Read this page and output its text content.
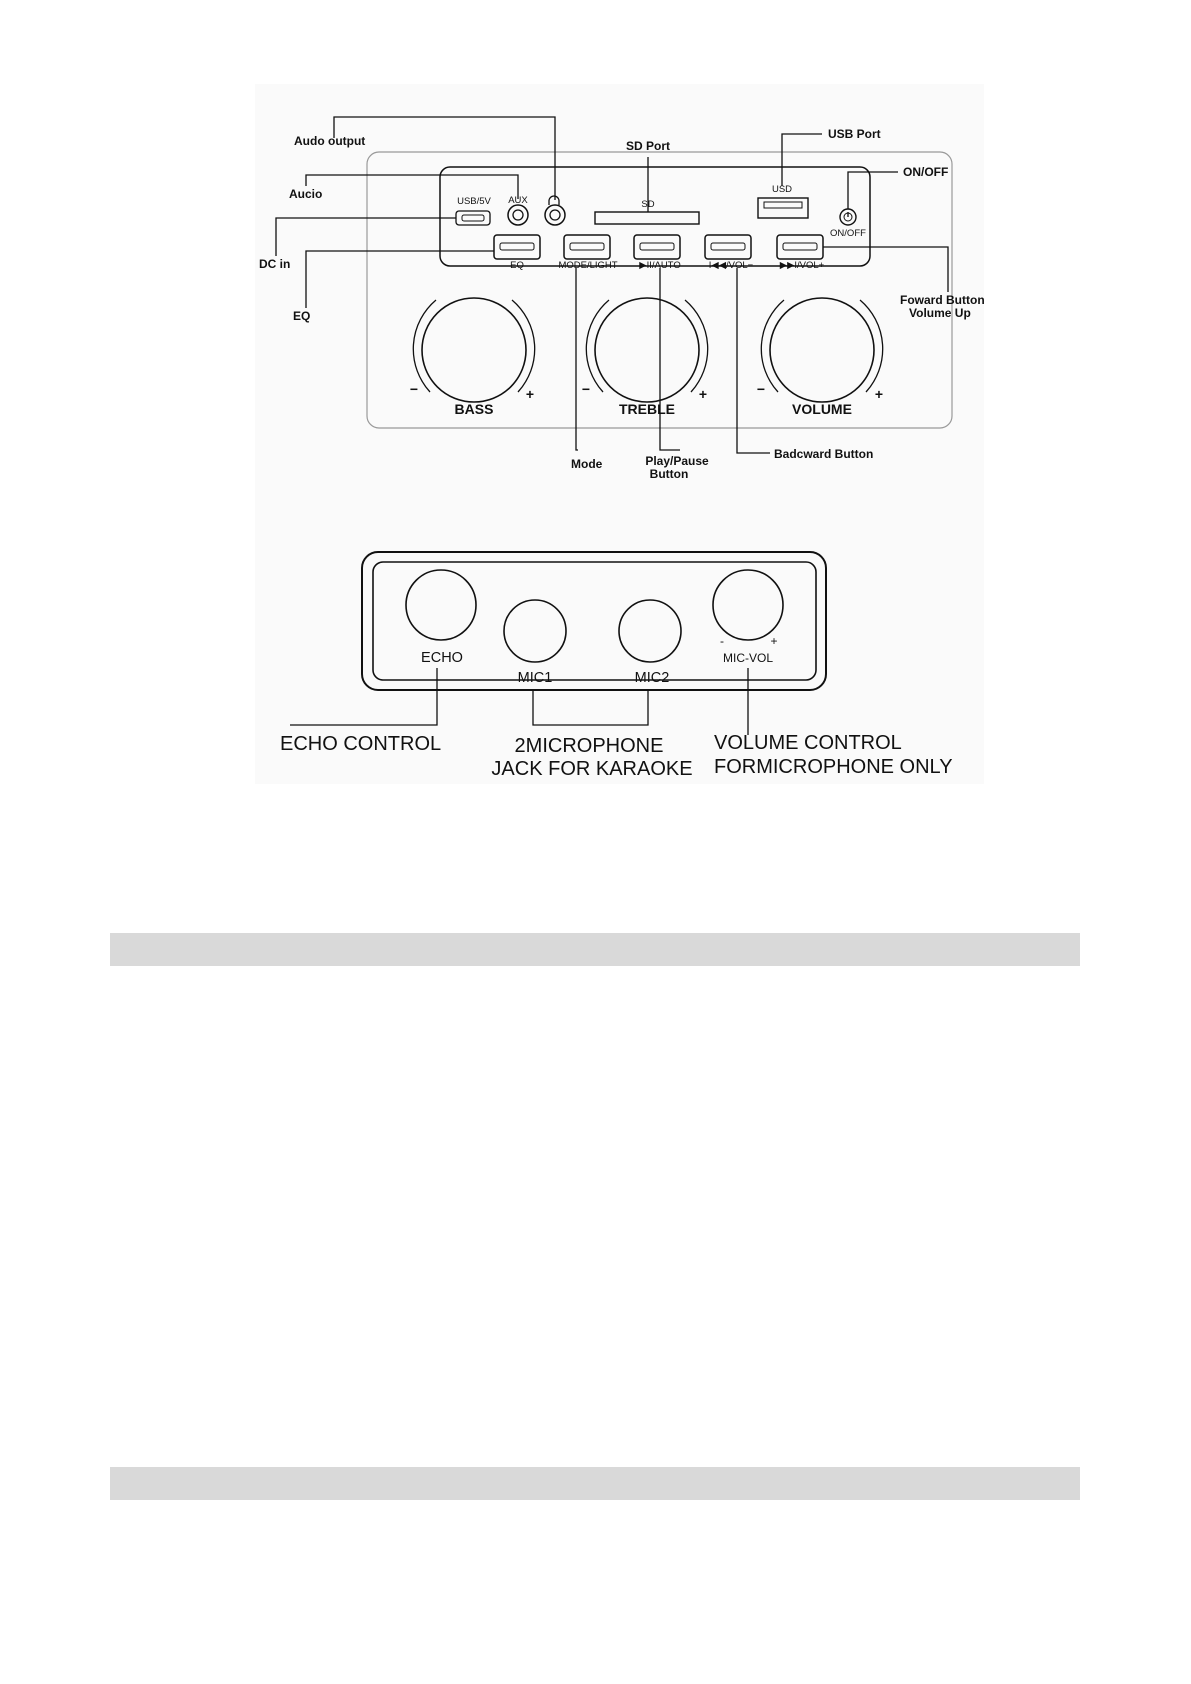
USB/5V AUX	SD
USD
ON/OFF
EQ	MODE/LIGHT ▶II/AUTO	I◀◀/VOL−	▶▶I/VOL+
−	+
BASS
−	+
TREBLE
−	+
VOLUME
Audo output
Aucio
DC in
EQ
SD Port
USB Port
ON/OFF
Foward Button
Volume Up
Mode	Play/Pause
Button
Badcward Button
ECHO
MIC1	MIC2
-	+
MIC-VOL
ECHO CONTROL	2MICROPHONE
JACK FOR KARAOKE
VOLUME CONTROL
FORMICROPHONE ONLY
